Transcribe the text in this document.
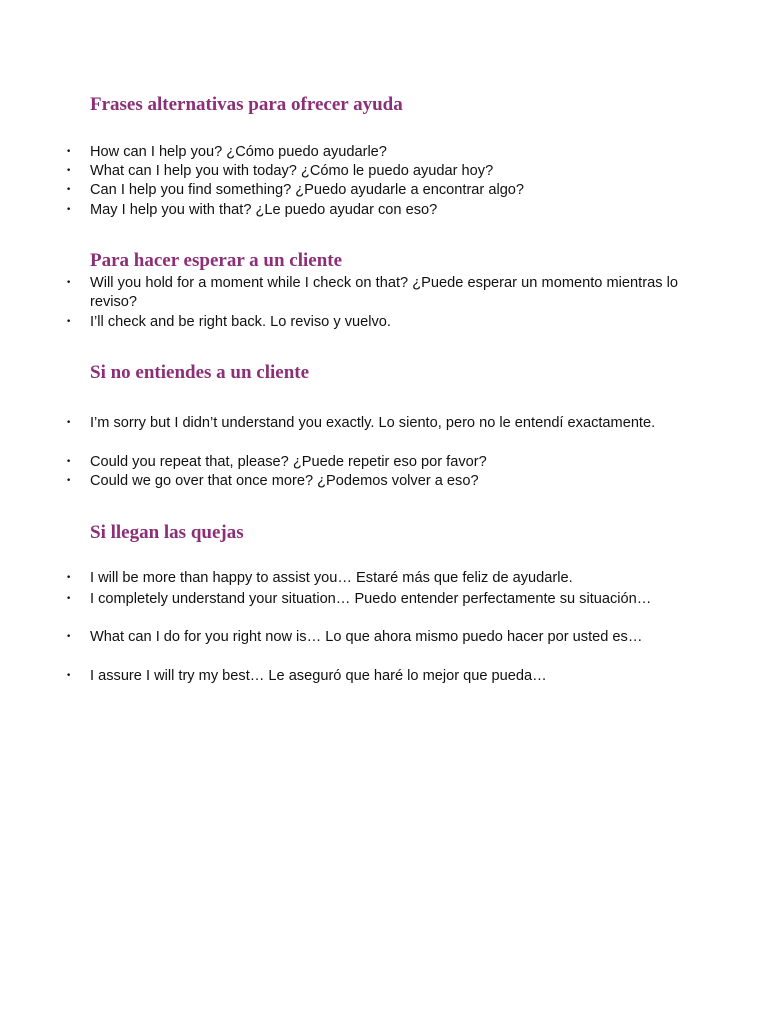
Frases alternativas para ofrecer ayuda
• How can I help you? ¿Cómo puedo ayudarle?
• What can I help you with today? ¿Cómo le puedo ayudar hoy?
• Can I help you find something? ¿Puedo ayudarle a encontrar algo?
• May I help you with that? ¿Le puedo ayudar con eso?
Para hacer esperar a un cliente
• Will you hold for a moment while I check on that? ¿Puede esperar un momento mientras lo reviso?
• I’ll check and be right back. Lo reviso y vuelvo.
Si no entiendes a un cliente
• I’m sorry but I didn’t understand you exactly. Lo siento, pero no le entendí exactamente.
• Could you repeat that, please? ¿Puede repetir eso por favor?
• Could we go over that once more? ¿Podemos volver a eso?
Si llegan las quejas
• I will be more than happy to assist you… Estaré más que feliz de ayudarle.
• I completely understand your situation… Puedo entender perfectamente su situación…
• What can I do for you right now is… Lo que ahora mismo puedo hacer por usted es…
• I assure I will try my best… Le aseguró que haré lo mejor que pueda…
